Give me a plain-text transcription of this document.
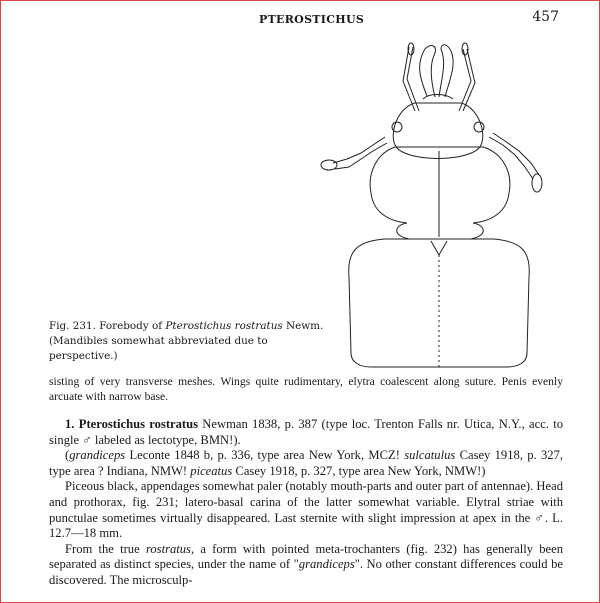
PTEROSTICHUS	457

Fig. 231. Forebody of Pterostichus rostratus Newm. (Mandibles somewhat abbreviated due to perspective.)

sisting of very transverse meshes. Wings quite rudimentary, elytra coalescent along suture. Penis evenly arcuate with narrow base.

1. Pterostichus rostratus Newman 1838, p. 387 (type loc. Trenton Falls nr. Utica, N.Y., acc. to single ♂ labeled as lectotype, BMN!).

(grandiceps Leconte 1848 b, p. 336, type area New York, MCZ! sulcatulus Casey 1918, p. 327, type area ? Indiana, NMW! piceatus Casey 1918, p. 327, type area New York, NMW!)

Piceous black, appendages somewhat paler (notably mouth-parts and outer part of antennae). Head and prothorax, fig. 231; latero-basal carina of the latter somewhat variable. Elytral striae with punctulae sometimes virtually disappeared. Last sternite with slight impression at apex in the ♂. L. 12.7—18 mm.

From the true rostratus, a form with pointed meta-trochanters (fig. 232) has generally been separated as distinct species, under the name of "grandiceps". No other constant differences could be discovered. The microsculp-
